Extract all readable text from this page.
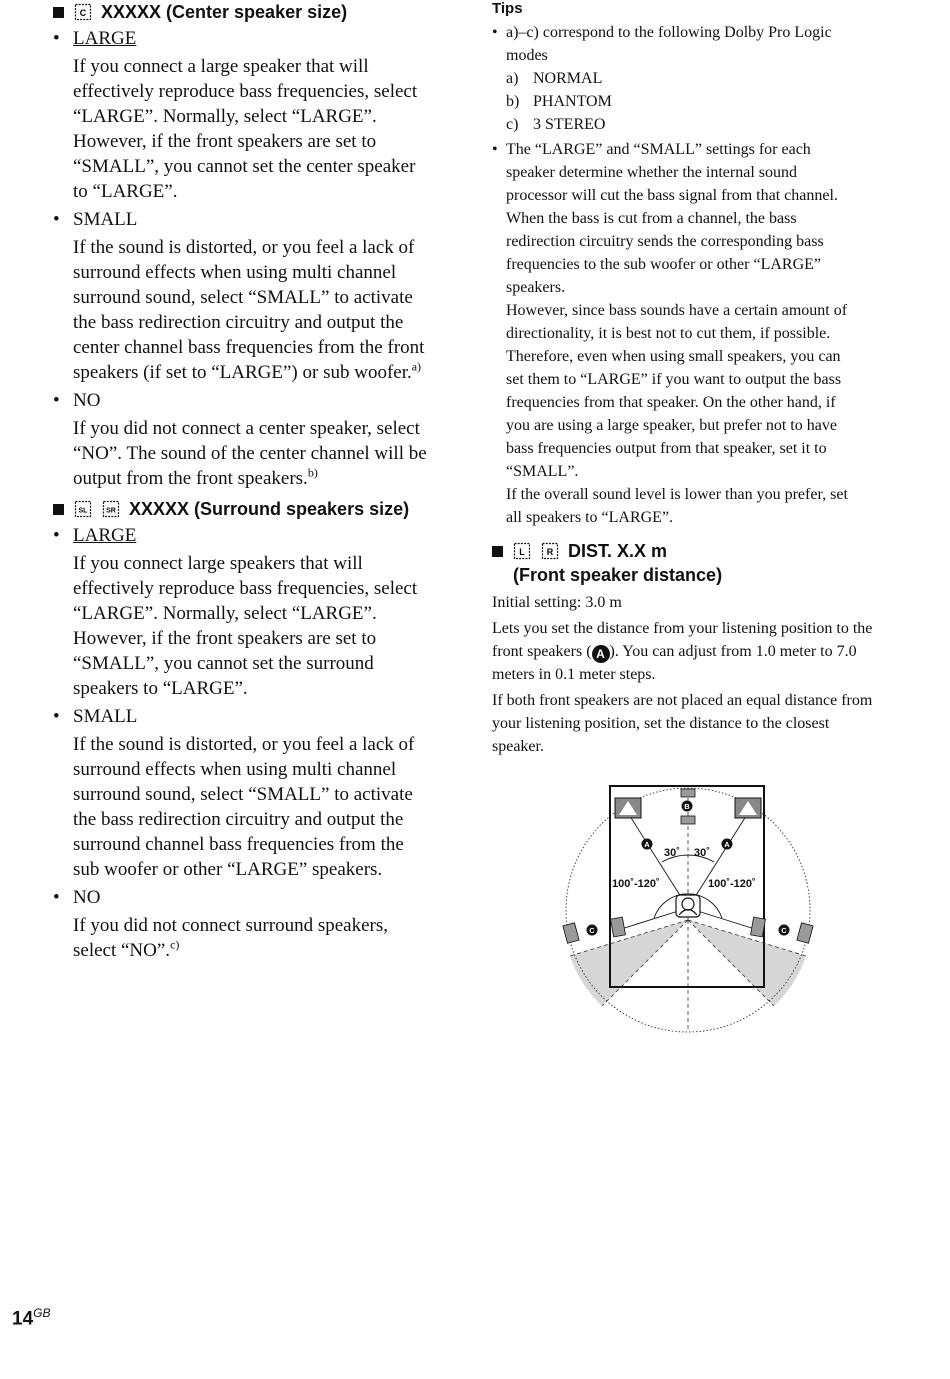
C XXXXX (Center speaker size)
• LARGE

If you connect a large speaker that will

effectively reproduce bass frequencies, select

“LARGE”. Normally, select “LARGE”.

However, if the front speakers are set to

“SMALL”, you cannot set the center speaker

to “LARGE”.

• SMALL

If the sound is distorted, or you feel a lack of

surround effects when using multi channel

surround sound, select “SMALL” to activate

the bass redirection circuitry and output the

center channel bass frequencies from the front

speakers (if set to “LARGE”) or sub woofer.$^{a)}$

• NO

If you did not connect a center speaker, select

“NO”. The sound of the center channel will be

output from the front speakers.$^{b)}$

SL	SR XXXXX (Surround speakers size)
• LARGE

If you connect large speakers that will

effectively reproduce bass frequencies, select

“LARGE”. Normally, select “LARGE”.

However, if the front speakers are set to

“SMALL”, you cannot set the surround

speakers to “LARGE”.

• SMALL

If the sound is distorted, or you feel a lack of

surround effects when using multi channel

surround sound, select “SMALL” to activate

the bass redirection circuitry and output the

surround channel bass frequencies from the

sub woofer or other “LARGE” speakers.

• NO

If you did not connect surround speakers,

select “NO”.$^{c)}$

Tips
• a)–c) correspond to the following Dolby Pro Logic
modes
a) NORMAL
b) PHANTOM
c) 3 STEREO
• The “LARGE” and “SMALL” settings for each
speaker determine whether the internal sound
processor will cut the bass signal from that channel.
When the bass is cut from a channel, the bass
redirection circuitry sends the corresponding bass
frequencies to the sub woofer or other “LARGE”
speakers.
However, since bass sounds have a certain amount of
directionality, it is best not to cut them, if possible.
Therefore, even when using small speakers, you can
set them to “LARGE” if you want to output the bass
frequencies from that speaker. On the other hand, if
you are using a large speaker, but prefer not to have
bass frequencies output from that speaker, set it to
“SMALL”.
If the overall sound level is lower than you prefer, set
all speakers to “LARGE”.
L R DIST. X.X m
(Front speaker distance)

Initial setting: 3.0 m

Lets you set the distance from your listening position to the front speakers ( A ). You can adjust from 1.0 meter to 7.0 meters in 0.1 meter steps.

If both front speakers are not placed an equal distance from your listening position, set the distance to the closest speaker.

B
A	A
C	C
30˚ 30˚
100˚-120˚	100˚-120˚
$14^{GB}$
